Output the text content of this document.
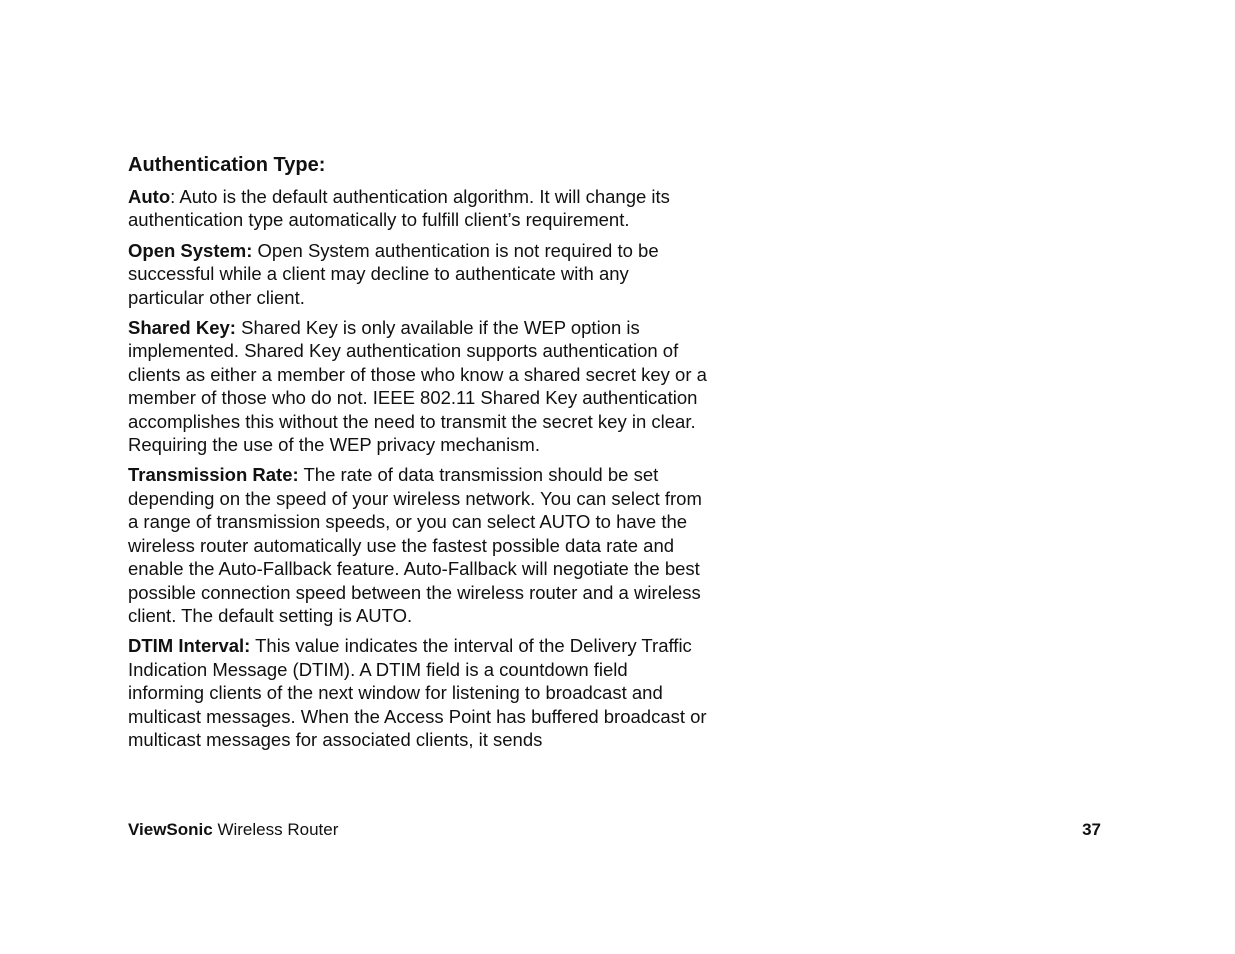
Authentication Type:

Auto: Auto is the default authentication algorithm. It will change its authentication type automatically to fulfill client’s requirement.

Open System: Open System authentication is not required to be successful while a client may decline to authenticate with any particular other client.

Shared Key: Shared Key is only available if the WEP option is implemented. Shared Key authentication supports authentication of clients as either a member of those who know a shared secret key or a member of those who do not. IEEE 802.11 Shared Key authentication accomplishes this without the need to transmit the secret key in clear. Requiring the use of the WEP privacy mechanism.

Transmission Rate: The rate of data transmission should be set depending on the speed of your wireless network. You can select from a range of transmission speeds, or you can select AUTO to have the wireless router automatically use the fastest possible data rate and enable the Auto-Fallback feature. Auto-Fallback will negotiate the best possible connection speed between the wireless router and a wireless client. The default setting is AUTO.

DTIM Interval: This value indicates the interval of the Delivery Traffic Indication Message (DTIM). A DTIM field is a countdown field informing clients of the next window for listening to broadcast and multicast messages. When the Access Point has buffered broadcast or multicast messages for associated clients, it sends

ViewSonic Wireless Router	37
